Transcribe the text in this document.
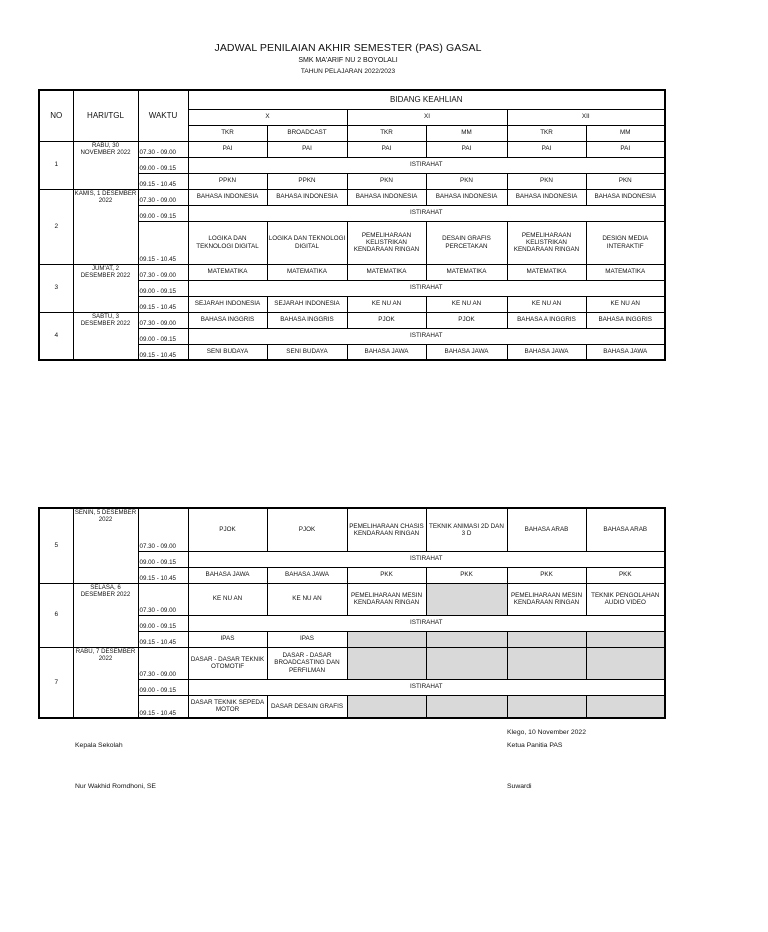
JADWAL PENILAIAN AKHIR SEMESTER (PAS) GASAL
SMK MA'ARIF NU 2 BOYOLALI
TAHUN PELAJARAN 2022/2023
NO	HARI/TGL	WAKTU	BIDANG KEAHLIAN					
			X		XI		XII	
			TKR	BROADCAST	TKR	MM	TKR	MM
1	RABU, 30 NOVEMBER 2022	07.30 - 09.00	PAI	PAI	PAI	PAI	PAI	PAI
		09.00 - 09.15	ISTIRAHAT					
		09.15 - 10.45	PPKN	PPKN	PKN	PKN	PKN	PKN
2	KAMIS, 1 DESEMBER 2022	07.30 - 09.00	BAHASA INDONESIA	BAHASA INDONESIA	BAHASA INDONESIA	BAHASA INDONESIA	BAHASA INDONESIA	BAHASA INDONESIA
		09.00 - 09.15	ISTIRAHAT					
		09.15 - 10.45	LOGIKA DAN TEKNOLOGI DIGITAL	LOGIKA DAN TEKNOLOGI DIGITAL	PEMELIHARAAN KELISTRIKAN KENDARAAN RINGAN	DESAIN GRAFIS PERCETAKAN	PEMELIHARAAN KELISTRIKAN KENDARAAN RINGAN	DESIGN MEDIA INTERAKTIF
3	JUM'AT, 2 DESEMBER 2022	07.30 - 09.00	MATEMATIKA	MATEMATIKA	MATEMATIKA	MATEMATIKA	MATEMATIKA	MATEMATIKA
		09.00 - 09.15	ISTIRAHAT					
		09.15 - 10.45	SEJARAH INDONESIA	SEJARAH INDONESIA	KE NU AN	KE NU AN	KE NU AN	KE NU AN
4	SABTU, 3 DESEMBER 2022	07.30 - 09.00	BAHASA INGGRIS	BAHASA INGGRIS	PJOK	PJOK	BAHASA A INGGRIS	BAHASA INGGRIS
		09.00 - 09.15	ISTIRAHAT					
		09.15 - 10.45	SENI BUDAYA	SENI BUDAYA	BAHASA JAWA	BAHASA JAWA	BAHASA JAWA	BAHASA JAWA
5	SENIN, 5 DESEMBER 2022	07.30 - 09.00	PJOK	PJOK	PEMELIHARAAN CHASIS KENDARAAN RINGAN	TEKNIK ANIMASI 2D DAN 3 D	BAHASA ARAB	BAHASA ARAB
		09.00 - 09.15	ISTIRAHAT					
		09.15 - 10.45	BAHASA JAWA	BAHASA JAWA	PKK	PKK	PKK	PKK
6	SELASA, 6 DESEMBER 2022	07.30 - 09.00	KE NU AN	KE NU AN	PEMELIHARAAN MESIN KENDARAAN RINGAN		PEMELIHARAAN MESIN KENDARAAN RINGAN	TEKNIK PENGOLAHAN AUDIO VIDEO
		09.00 - 09.15	ISTIRAHAT					
		09.15 - 10.45	IPAS	IPAS				
7	RABU, 7 DESEMBER 2022	07.30 - 09.00	DASAR - DASAR TEKNIK OTOMOTIF	DASAR - DASAR BROADCASTING DAN PERFILMAN				
		09.00 - 09.15	ISTIRAHAT					
		09.15 - 10.45	DASAR TEKNIK SEPEDA MOTOR	DASAR DESAIN GRAFIS				
Klego, 10 November 2022
Ketua Panitia PAS
Kepala Sekolah
Nur Wakhid Romdhoni, SE	Suwardi
